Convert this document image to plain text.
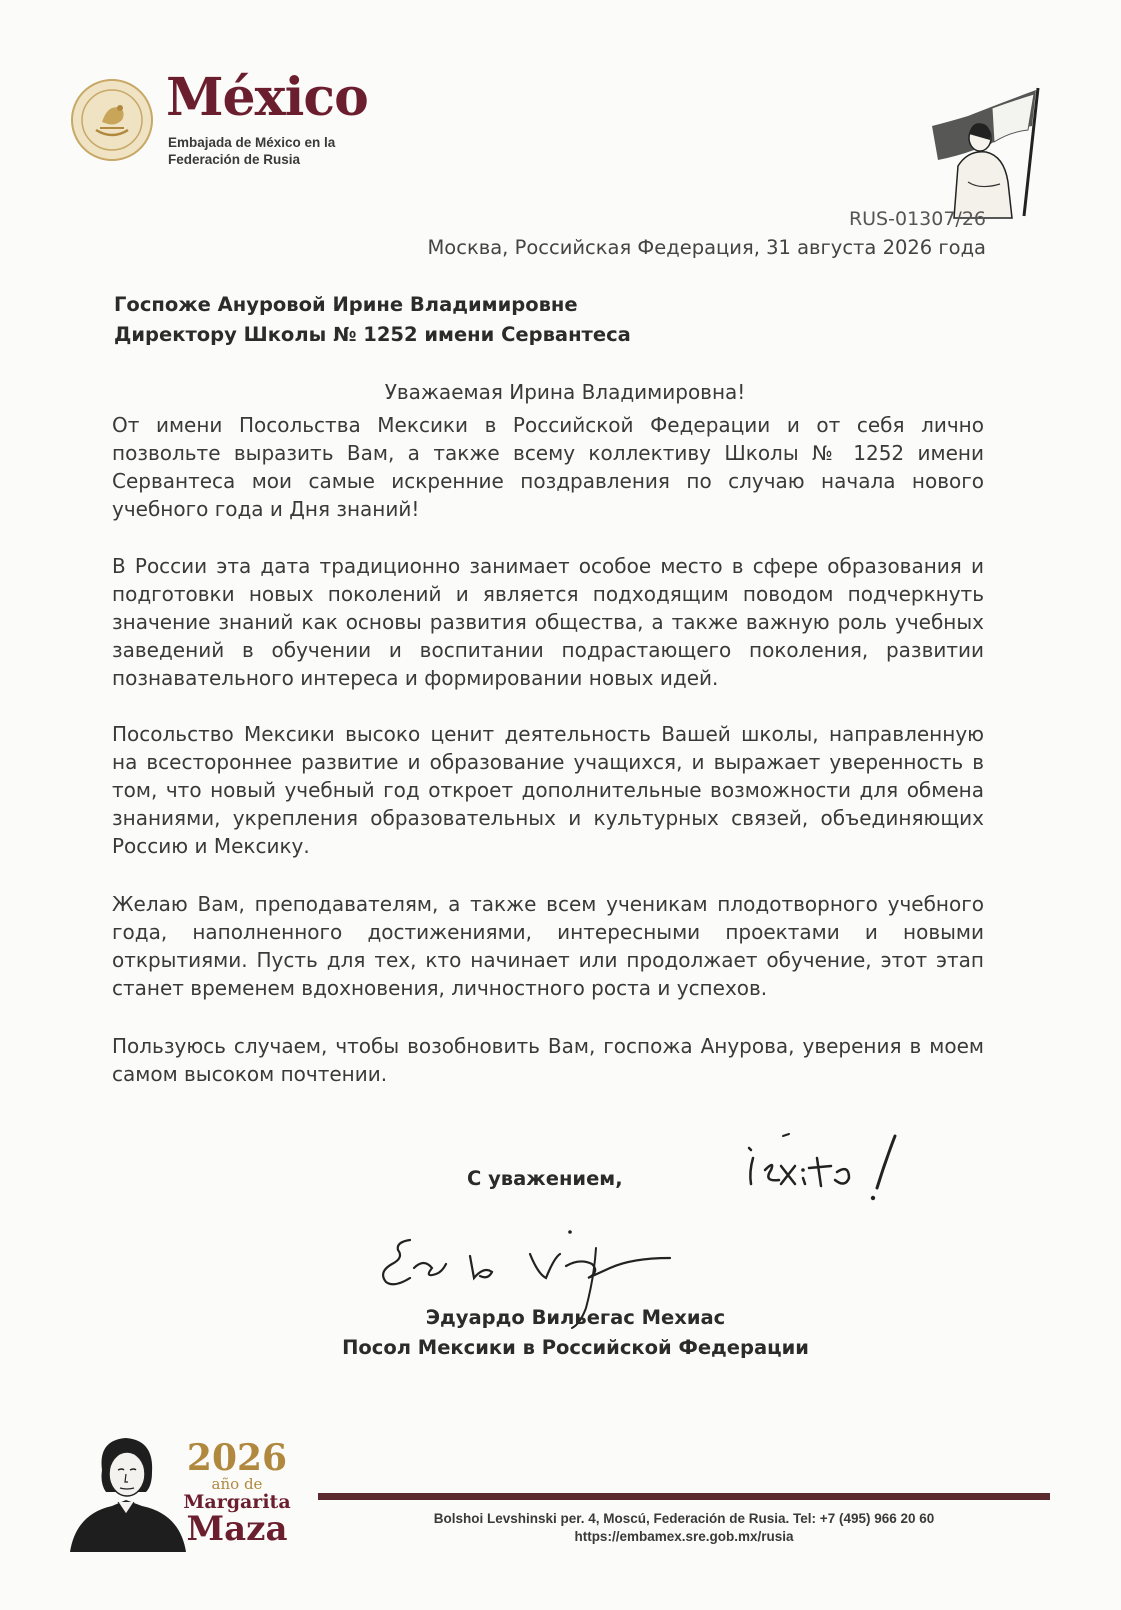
México
Embajada de México en la
Federación de Rusia
RUS-01307/26
Москва, Российская Федерация, 31 августа 2026 года
Госпоже Ануровой Ирине Владимировне
Директору Школы № 1252 имени Сервантеса
Уважаемая Ирина Владимировна!

От имени Посольства Мексики в Российской Федерации и от себя лично позвольте выразить Вам, а также всему коллективу Школы № 1252 имени Сервантеса мои самые искренние поздравления по случаю начала нового учебного года и Дня знаний!

В России эта дата традиционно занимает особое место в сфере образования и подготовки новых поколений и является подходящим поводом подчеркнуть значение знаний как основы развития общества, а также важную роль учебных заведений в обучении и воспитании подрастающего поколения, развитии познавательного интереса и формировании новых идей.

Посольство Мексики высоко ценит деятельность Вашей школы, направленную на всестороннее развитие и образование учащихся, и выражает уверенность в том, что новый учебный год откроет дополнительные возможности для обмена знаниями, укрепления образовательных и культурных связей, объединяющих Россию и Мексику.

Желаю Вам, преподавателям, а также всем ученикам плодотворного учебного года, наполненного достижениями, интересными проектами и новыми открытиями. Пусть для тех, кто начинает или продолжает обучение, этот этап станет временем вдохновения, личностного роста и успехов.

Пользуюсь случаем, чтобы возобновить Вам, госпожа Анурова, уверения в моем самом высоком почтении.

С уважением,
Эдуардо Вильегас Мехиас
Посол Мексики в Российской Федерации
2026
año de
Margarita
Maza	Bolshoi Levshinski per. 4, Moscú, Federación de Rusia. Tel: +7 (495) 966 20 60
https://embamex.sre.gob.mx/rusia
